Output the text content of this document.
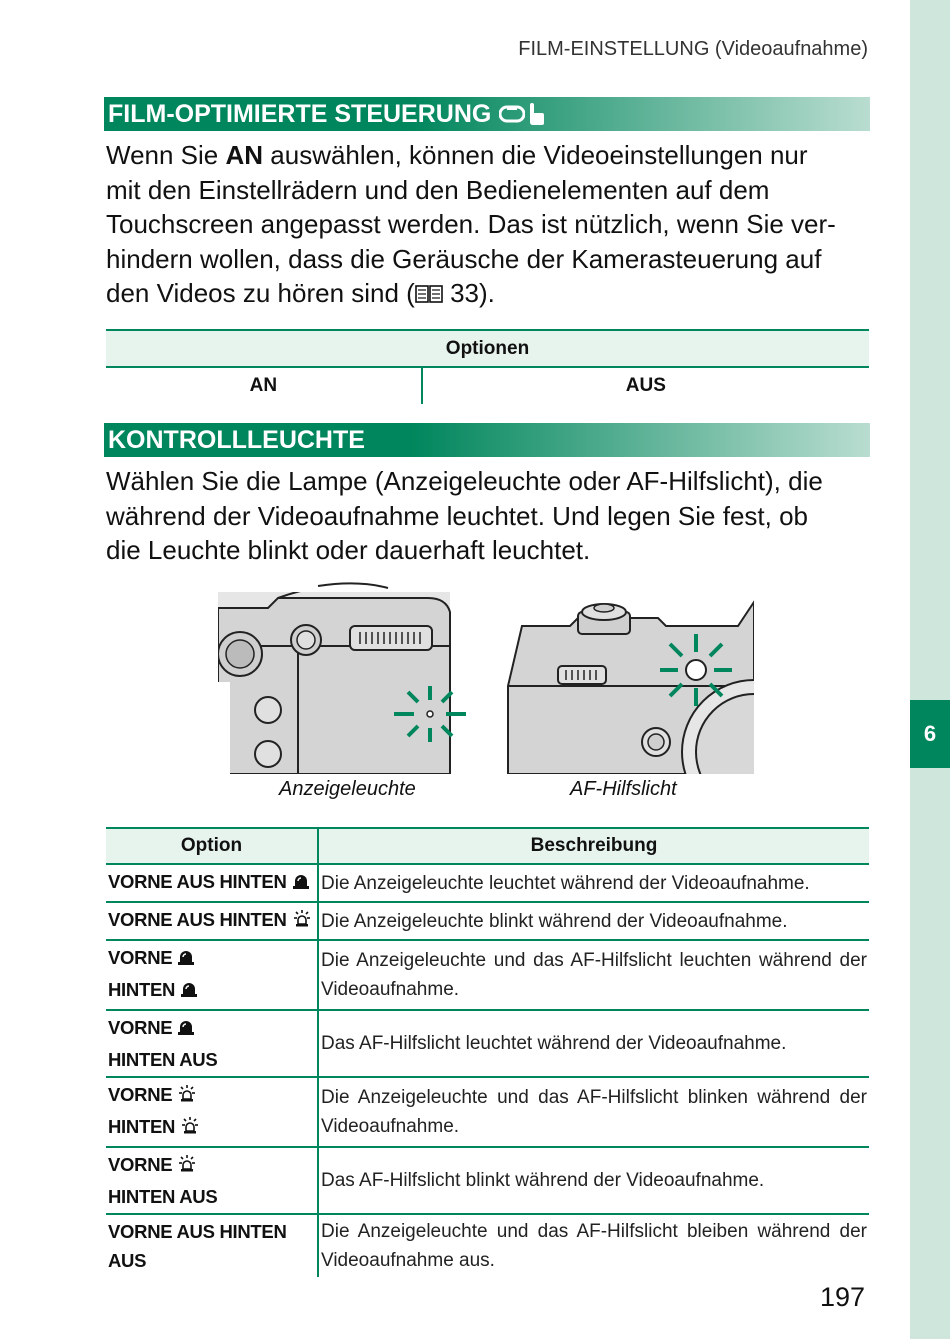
6
FILM-EINSTELLUNG (Videoaufnahme)
FILM-OPTIMIERTE STEUERUNG
Wenn Sie AN auswählen, können die Videoeinstellungen nur mit den Einstellrädern und den Bedienelementen auf dem Touchscreen angepasst werden. Das ist nützlich, wenn Sie verhindern wollen, dass die Geräusche der Kamerasteuerung auf den Videos zu hören sind ( 33).
Optionen
AN	AUS
KONTROLLLEUCHTE
Wählen Sie die Lampe (Anzeigeleuchte oder AF-Hilfslicht), die während der Videoaufnahme leuchtet. Und legen Sie fest, ob die Leuchte blinkt oder dauerhaft leuchtet.
Anzeigeleuchte	AF-Hilfslicht
Option	Beschreibung
VORNE AUS HINTEN	Die Anzeigeleuchte leuchtet während der Videoaufnahme.
VORNE AUS HINTEN	Die Anzeigeleuchte blinkt während der Videoaufnahme.
VORNE
HINTEN	Die Anzeigeleuchte und das AF-Hilfslicht leuchten während der Videoaufnahme.
VORNE
HINTEN AUS	Das AF-Hilfslicht leuchtet während der Videoaufnahme.
VORNE
HINTEN	Die Anzeigeleuchte und das AF-Hilfslicht blinken während der Videoaufnahme.
VORNE
HINTEN AUS	Das AF-Hilfslicht blinkt während der Videoaufnahme.
VORNE AUS HINTEN AUS	Die Anzeigeleuchte und das AF-Hilfslicht bleiben während der Videoaufnahme aus.
197
